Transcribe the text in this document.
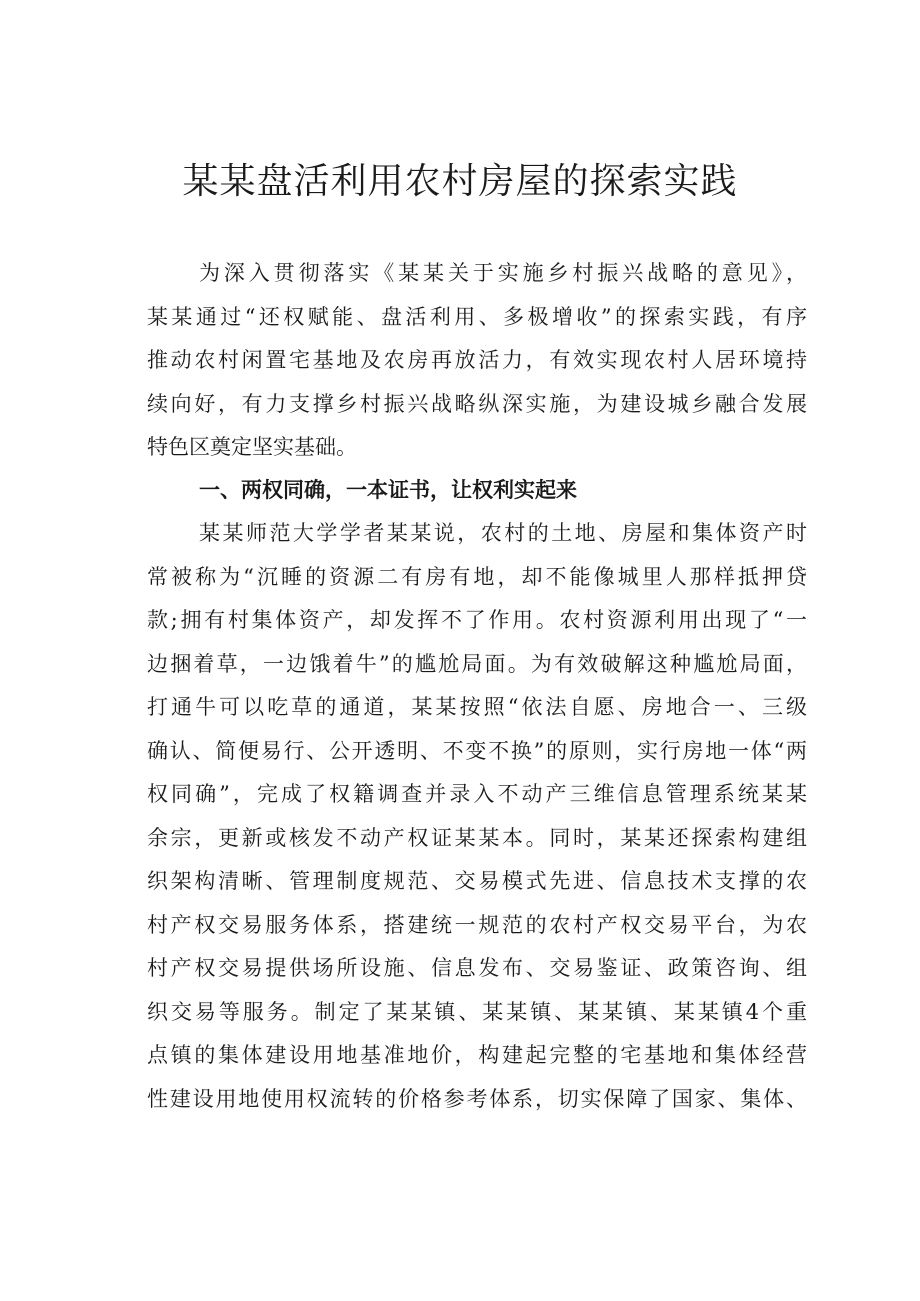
某某盘活利用农村房屋的探索实践
为深入贯彻落实《某某关于实施乡村振兴战略的意见》，
某某通过“还权赋能、盘活利用、多极增收”的探索实践，有序
推动农村闲置宅基地及农房再放活力，有效实现农村人居环境持
续向好，有力支撑乡村振兴战略纵深实施，为建设城乡融合发展
特色区奠定坚实基础。
一、两权同确，一本证书，让权利实起来
某某师范大学学者某某说，农村的土地、房屋和集体资产时
常被称为“沉睡的资源二有房有地，却不能像城里人那样抵押贷
款;拥有村集体资产，却发挥不了作用。农村资源利用出现了“一
边捆着草，一边饿着牛”的尴尬局面。为有效破解这种尴尬局面，
打通牛可以吃草的通道，某某按照“依法自愿、房地合一、三级
确认、简便易行、公开透明、不变不换”的原则，实行房地一体“两
权同确”，完成了权籍调查并录入不动产三维信息管理系统某某
余宗，更新或核发不动产权证某某本。同时，某某还探索构建组
织架构清晰、管理制度规范、交易模式先进、信息技术支撑的农
村产权交易服务体系，搭建统一规范的农村产权交易平台，为农
村产权交易提供场所设施、信息发布、交易鉴证、政策咨询、组
织交易等服务。制定了某某镇、某某镇、某某镇、某某镇4个重
点镇的集体建设用地基准地价，构建起完整的宅基地和集体经营
性建设用地使用权流转的价格参考体系，切实保障了国家、集体、
